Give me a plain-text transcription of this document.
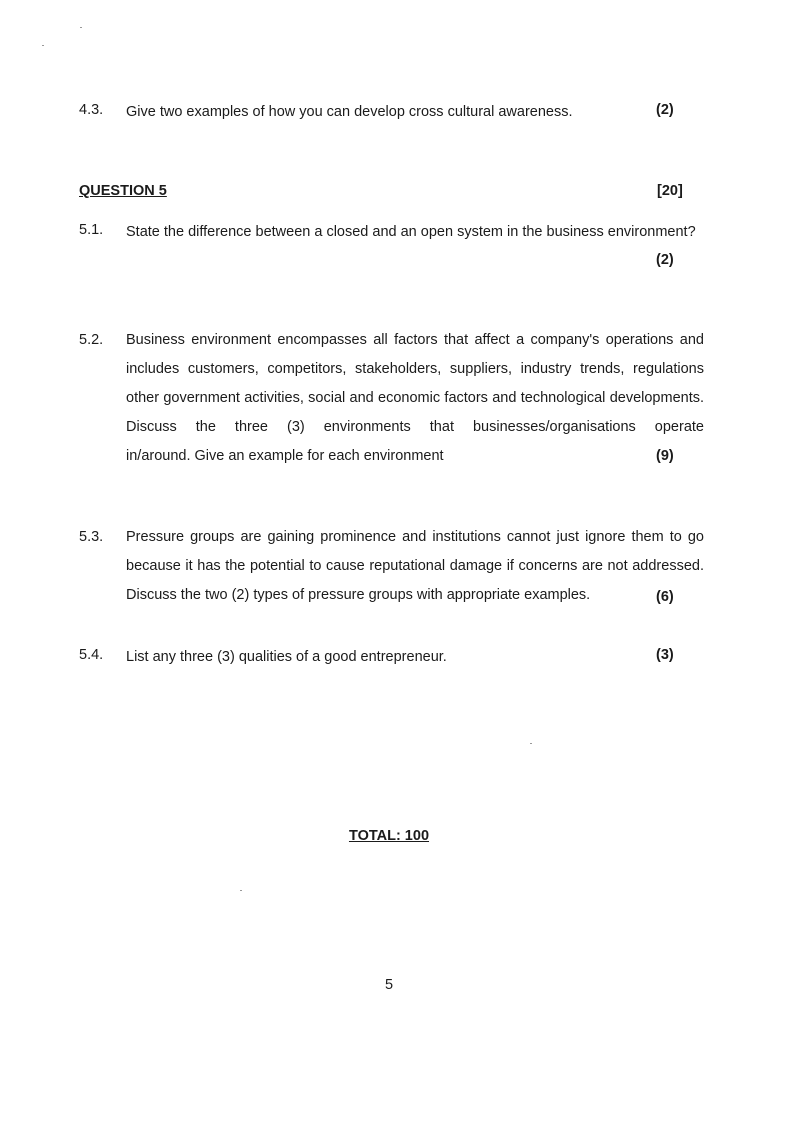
4.3. Give two examples of how you can develop cross cultural awareness.	(2)
QUESTION 5	[20]
5.1. State the difference between a closed and an open system in the business environment?
(2)
5.2. Business environment encompasses all factors that affect a company's operations and includes customers, competitors, stakeholders, suppliers, industry trends, regulations other government activities, social and economic factors and technological developments. Discuss the three (3) environments that businesses/organisations operate
in/around. Give an example for each environment	(9)
5.3. Pressure groups are gaining prominence and institutions cannot just ignore them to go because it has the potential to cause reputational damage if concerns are not addressed.
Discuss the two (2) types of pressure groups with appropriate examples.	(6)
5.4. List any three (3) qualities of a good entrepreneur.	(3)
TOTAL: 100
5
